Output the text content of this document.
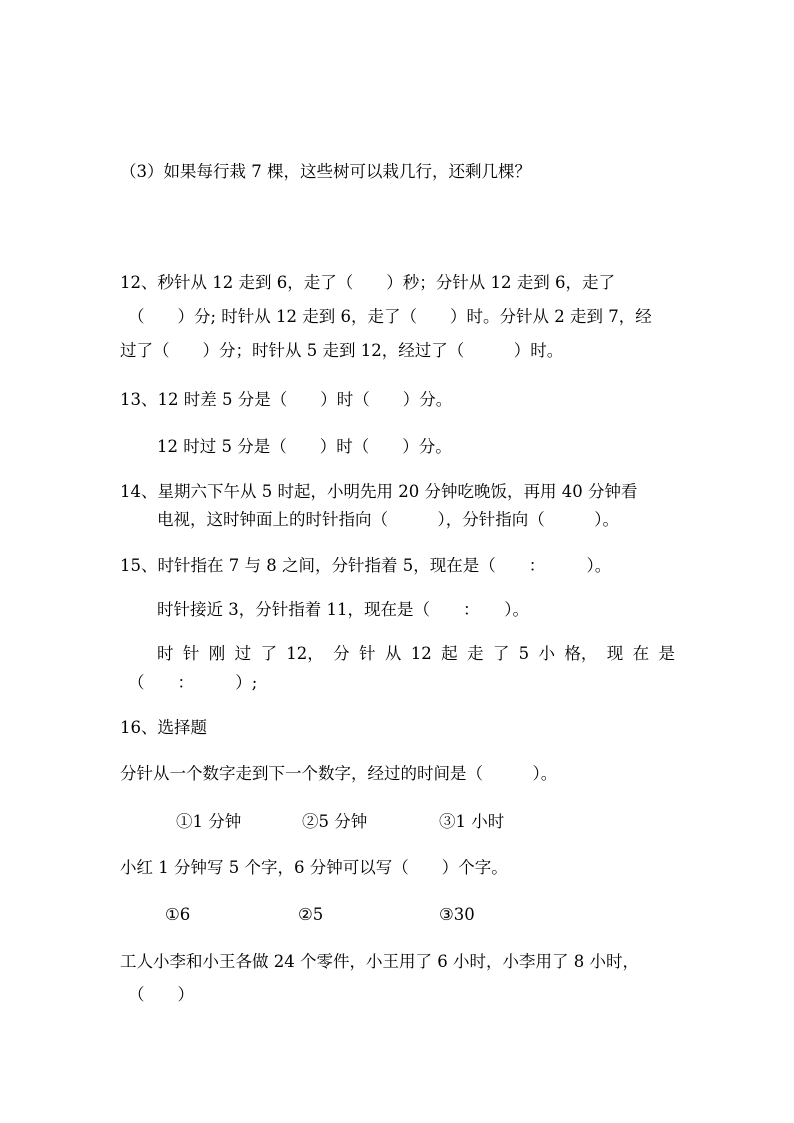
（3）如果每行栽 7 棵，这些树可以栽几行，还剩几棵？
12、秒针从 12 走到 6，走了（　　）秒；分针从 12 走到 6，走了
（　　）分; 时针从 12 走到 6，走了（　　）时。分针从 2 走到 7，经
过了（　　）分；时针从 5 走到 12，经过了（　　　）时。
13、12 时差 5 分是（　　）时（　　）分。
12 时过 5 分是（　　）时（　　）分。
14、星期六下午从 5 时起，小明先用 20 分钟吃晚饭，再用 40 分钟看
电视，这时钟面上的时针指向（　　　），分针指向（　　　）。
15、时针指在 7 与 8 之间，分针指着 5，现在是（　　：　　　）。
时针接近 3，分针指着 11，现在是（　　：　　）。
时 针 刚 过 了 12， 分 针 从 12 起 走 了 5 小 格， 现 在 是
（　　：　　　）;
16、选择题
分针从一个数字走到下一个数字，经过的时间是（　　　）。
①1 分钟	②5 分钟	③1 小时
小红 1 分钟写 5 个字，6 分钟可以写（　　）个字。
①6	②5	③30
工人小李和小王各做 24 个零件，小王用了 6 小时，小李用了 8 小时，
（　　）
